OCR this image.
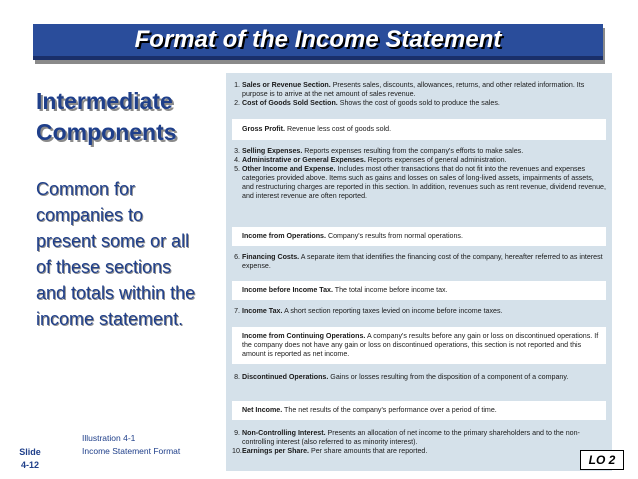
Format of the Income Statement
Intermediate
Components
Common for
companies to
present some or all
of these sections
and totals within the
income statement.
1. Sales or Revenue Section. Presents sales, discounts, allowances, returns, and other related information. Its purpose is to arrive at the net amount of sales revenue.
2. Cost of Goods Sold Section. Shows the cost of goods sold to produce the sales.
Gross Profit. Revenue less cost of goods sold.
3. Selling Expenses. Reports expenses resulting from the company's efforts to make sales.
4. Administrative or General Expenses. Reports expenses of general administration.
5. Other Income and Expense. Includes most other transactions that do not fit into the revenues and expenses categories provided above. Items such as gains and losses on sales of long-lived assets, impairments of assets, and restructuring charges are reported in this section. In addition, revenues such as rent revenue, dividend revenue, and interest revenue are often reported.
Income from Operations. Company's results from normal operations.
6. Financing Costs. A separate item that identifies the financing cost of the company, hereafter referred to as interest expense.
Income before Income Tax. The total income before income tax.
7. Income Tax. A short section reporting taxes levied on income before income taxes.
Income from Continuing Operations. A company's results before any gain or loss on discontinued operations. If the company does not have any gain or loss on discontinued operations, this section is not reported and this amount is reported as net income.
8. Discontinued Operations. Gains or losses resulting from the disposition of a component of a company.
Net Income. The net results of the company's performance over a period of time.
9. Non-Controlling Interest. Presents an allocation of net income to the primary shareholders and to the non-controlling interest (also referred to as minority interest).
10. Earnings per Share. Per share amounts that are reported.
Illustration 4-1
Income Statement Format
Slide
4-12	LO 2
